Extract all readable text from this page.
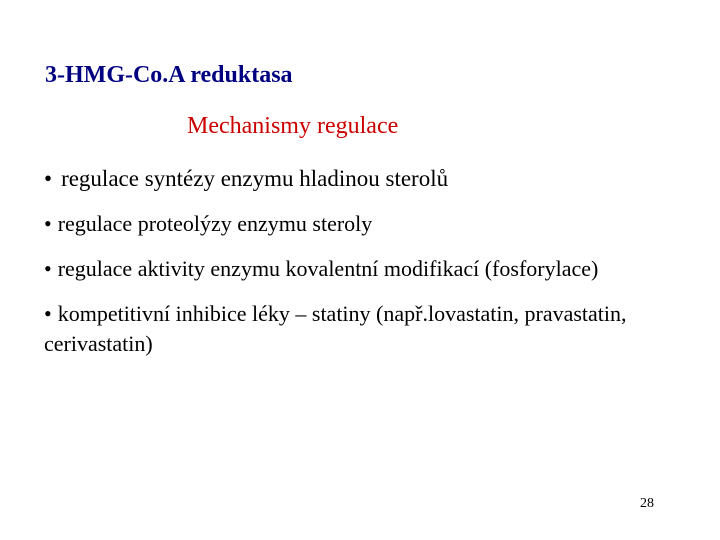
3-HMG-Co.A reduktasa
Mechanismy regulace
• regulace syntézy enzymu hladinou sterolů
• regulace proteolýzy enzymu steroly
• regulace aktivity enzymu kovalentní modifikací (fosforylace)
• kompetitivní inhibice léky – statiny (např.lovastatin, pravastatin, cerivastatin)
28
